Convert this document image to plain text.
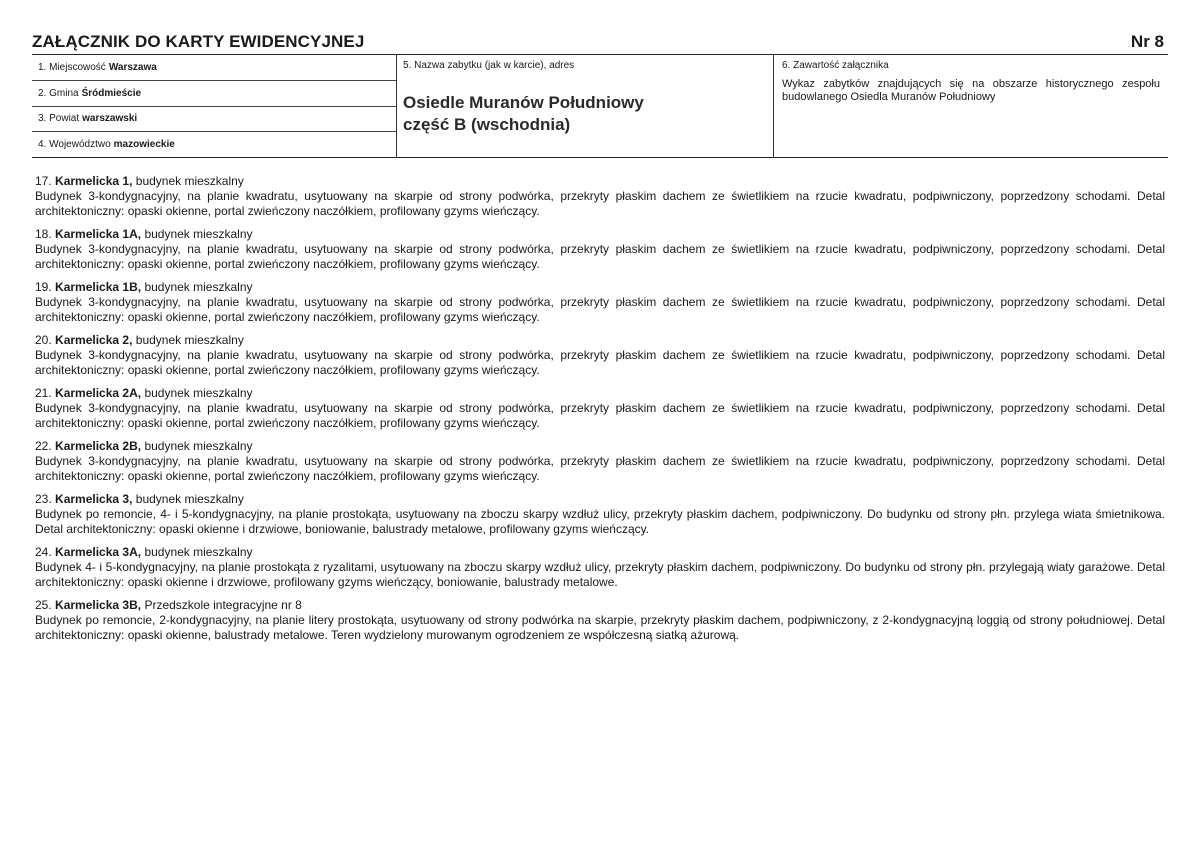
ZAŁĄCZNIK DO KARTY EWIDENCYJNEJ	Nr 8
1. Miejscowość Warszawa
2. Gmina Śródmieście
3. Powiat warszawski
4. Województwo mazowieckie
5. Nazwa zabytku (jak w karcie), adres
Osiedle Muranów Południowy
część B (wschodnia)
6. Zawartość załącznika
Wykaz zabytków znajdujących się na obszarze historycznego zespołu budowlanego Osiedla Muranów Południowy
17. Karmelicka 1, budynek mieszkalny
Budynek 3-kondygnacyjny, na planie kwadratu, usytuowany na skarpie od strony podwórka, przekryty płaskim dachem ze świetlikiem na rzucie kwadratu, podpiwniczony, poprzedzony schodami. Detal architektoniczny: opaski okienne, portal zwieńczony naczółkiem, profilowany gzyms wieńczący.
18. Karmelicka 1A, budynek mieszkalny
Budynek 3-kondygnacyjny, na planie kwadratu, usytuowany na skarpie od strony podwórka, przekryty płaskim dachem ze świetlikiem na rzucie kwadratu, podpiwniczony, poprzedzony schodami. Detal architektoniczny: opaski okienne, portal zwieńczony naczółkiem, profilowany gzyms wieńczący.
19. Karmelicka 1B, budynek mieszkalny
Budynek 3-kondygnacyjny, na planie kwadratu, usytuowany na skarpie od strony podwórka, przekryty płaskim dachem ze świetlikiem na rzucie kwadratu, podpiwniczony, poprzedzony schodami. Detal architektoniczny: opaski okienne, portal zwieńczony naczółkiem, profilowany gzyms wieńczący.
20. Karmelicka 2, budynek mieszkalny
Budynek 3-kondygnacyjny, na planie kwadratu, usytuowany na skarpie od strony podwórka, przekryty płaskim dachem ze świetlikiem na rzucie kwadratu, podpiwniczony, poprzedzony schodami. Detal architektoniczny: opaski okienne, portal zwieńczony naczółkiem, profilowany gzyms wieńczący.
21. Karmelicka 2A, budynek mieszkalny
Budynek 3-kondygnacyjny, na planie kwadratu, usytuowany na skarpie od strony podwórka, przekryty płaskim dachem ze świetlikiem na rzucie kwadratu, podpiwniczony, poprzedzony schodami. Detal architektoniczny: opaski okienne, portal zwieńczony naczółkiem, profilowany gzyms wieńczący.
22. Karmelicka 2B, budynek mieszkalny
Budynek 3-kondygnacyjny, na planie kwadratu, usytuowany na skarpie od strony podwórka, przekryty płaskim dachem ze świetlikiem na rzucie kwadratu, podpiwniczony, poprzedzony schodami. Detal architektoniczny: opaski okienne, portal zwieńczony naczółkiem, profilowany gzyms wieńczący.
23. Karmelicka 3, budynek mieszkalny
Budynek po remoncie, 4- i 5-kondygnacyjny, na planie prostokąta, usytuowany na zboczu skarpy wzdłuż ulicy, przekryty płaskim dachem, podpiwniczony. Do budynku od strony płn. przylega wiata śmietnikowa. Detal architektoniczny: opaski okienne i drzwiowe, boniowanie, balustrady metalowe, profilowany gzyms wieńczący.
24. Karmelicka 3A, budynek mieszkalny
Budynek 4- i 5-kondygnacyjny, na planie prostokąta z ryzalitami, usytuowany na zboczu skarpy wzdłuż ulicy, przekryty płaskim dachem, podpiwniczony. Do budynku od strony płn. przylegają wiaty garażowe. Detal architektoniczny: opaski okienne i drzwiowe, profilowany gzyms wieńczący, boniowanie, balustrady metalowe.
25. Karmelicka 3B, Przedszkole integracyjne nr 8
Budynek po remoncie, 2-kondygnacyjny, na planie litery prostokąta, usytuowany od strony podwórka na skarpie, przekryty płaskim dachem, podpiwniczony, z 2-kondygnacyjną loggią od strony południowej. Detal architektoniczny: opaski okienne, balustrady metalowe. Teren wydzielony murowanym ogrodzeniem ze współczesną siatką ażurową.
